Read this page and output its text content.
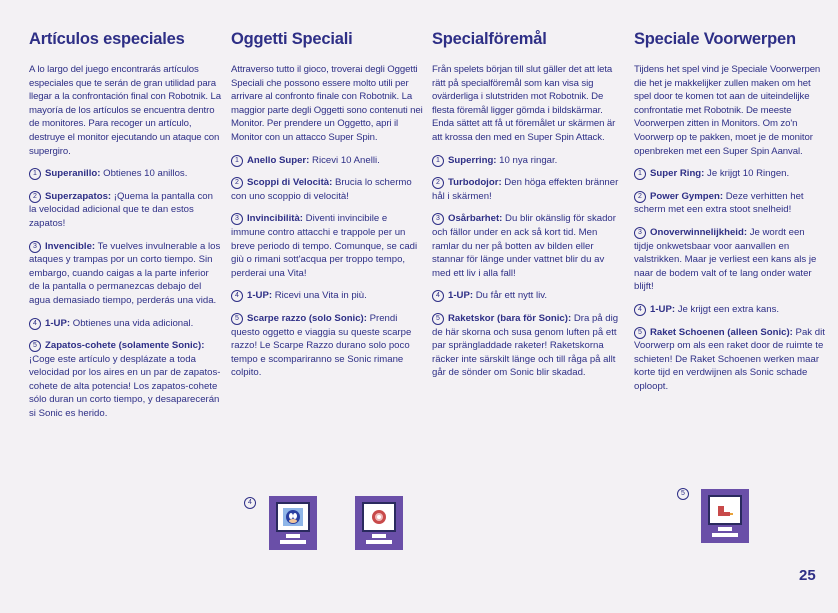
Artículos especiales

A lo largo del juego encontrarás artículos especiales que te serán de gran utilidad para llegar a la confrontación final con Robotnik. La mayoría de los artículos se encuentra dentro de monitores. Para recoger un artículo, destruye el monitor ejecutando un ataque con supergiro.

1 Superanillo: Obtienes 10 anillos.
2 Superzapatos: ¡Quema la pantalla con la velocidad adicional que te dan estos zapatos!
3 Invencible: Te vuelves invulnerable a los ataques y trampas por un corto tiempo. Sin embargo, cuando caigas a la parte inferior de la pantalla o permanezcas debajo del agua demasiado tiempo, perderás una vida.
4 1-UP: Obtienes una vida adicional.
5 Zapatos-cohete (solamente Sonic): ¡Coge este artículo y desplázate a toda velocidad por los aires en un par de zapatos-cohete de alta potencia! Los zapatos-cohete sólo duran un corto tiempo, y desaparecerán si Sonic es herido.
Oggetti Speciali

Attraverso tutto il gioco, troverai degli Oggetti Speciali che possono essere molto utili per arrivare al confronto finale con Robotnik. La maggior parte degli Oggetti sono contenuti nei Monitor. Per prendere un Oggetto, apri il Monitor con un attacco Super Spin.

1 Anello Super: Ricevi 10 Anelli.
2 Scoppi di Velocità: Brucia lo schermo con uno scoppio di velocità!
3 Invincibilità: Diventi invincibile e immune contro attacchi e trappole per un breve periodo di tempo. Comunque, se cadi giù o rimani sott'acqua per troppo tempo, perderai una Vita!
4 1-UP: Ricevi una Vita in più.
5 Scarpe razzo (solo Sonic): Prendi questo oggetto e viaggia su queste scarpe razzo! Le Scarpe Razzo durano solo poco tempo e scompariranno se Sonic rimane colpito.
Specialföremål

Från spelets början till slut gäller det att leta rätt på specialföremål som kan visa sig ovärderliga i slutstriden mot Robotnik. De flesta föremål ligger gömda i bildskärmar. Enda sättet att få ut föremålet ur skärmen är att krossa den med en Super Spin Attack.

1 Superring: 10 nya ringar.
2 Turbodojor: Den höga effekten bränner hål i skärmen!
3 Osårbarhet: Du blir okänslig för skador och fällor under en ack så kort tid. Men ramlar du ner på botten av bilden eller stannar för länge under vattnet blir du av med ett liv i alla fall!
4 1-UP: Du får ett nytt liv.
5 Raketskor (bara för Sonic): Dra på dig de här skorna och susa genom luften på ett par sprängladdade raketer! Raketskorna räcker inte särskilt länge och till råga på allt går de sönder om Sonic blir skadad.
Speciale Voorwerpen

Tijdens het spel vind je Speciale Voorwerpen die het je makkelijker zullen maken om het spel door te komen tot aan de uiteindelijke confrontatie met Robotnik. De meeste Voorwerpen zitten in Monitors. Om zo'n Voorwerp op te pakken, moet je de monitor openbreken met een Super Spin Aanval.

1 Super Ring: Je krijgt 10 Ringen.
2 Power Gympen: Deze verhitten het scherm met een extra stoot snelheid!
3 Onoverwinnelijkheid: Je wordt een tijdje onkwetsbaar voor aanvallen en valstrikken. Maar je verliest een kans als je naar de bodem valt of te lang onder water blijft!
4 1-UP: Je krijgt een extra kans.
5 Raket Schoenen (alleen Sonic): Pak dit Voorwerp om als een raket door de ruimte te schieten! De Raket Schoenen werken maar korte tijd en verdwijnen als Sonic schade oploopt.
4
5
25
